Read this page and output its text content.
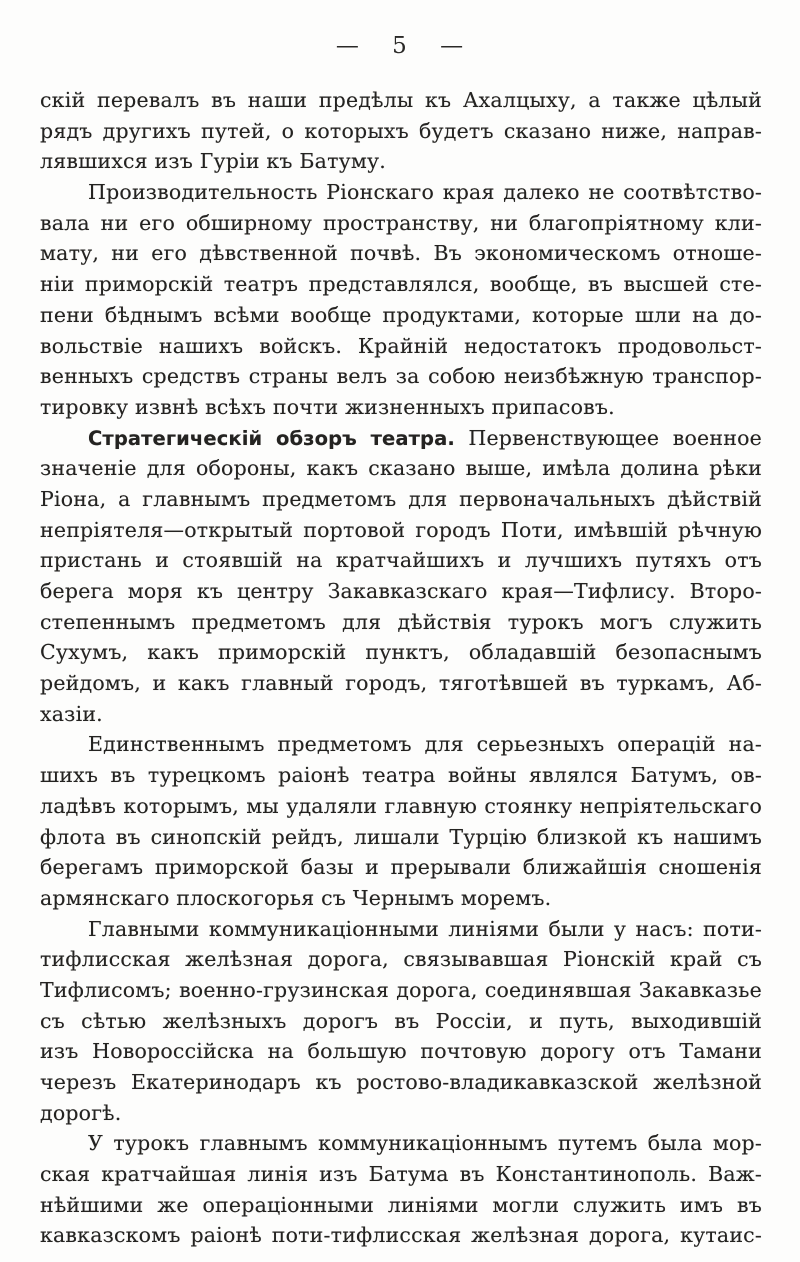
— 5 —
скій перевалъ въ наши предѣлы къ Ахалцыху, а также цѣлый
рядъ другихъ путей, о которыхъ будетъ сказано ниже, направ-
лявшихся изъ Гуріи къ Батуму.
Производительность Ріонскаго края далеко не соотвѣтство-
вала ни его обширному пространству, ни благопріятному кли-
мату, ни его дѣвственной почвѣ. Въ экономическомъ отноше-
ніи приморскій театръ представлялся, вообще, въ высшей сте-
пени бѣднымъ всѣми вообще продуктами, которые шли на до-
вольствіе нашихъ войскъ. Крайній недостатокъ продовольст-
венныхъ средствъ страны велъ за собою неизбѣжную транспор-
тировку извнѣ всѣхъ почти жизненныхъ припасовъ.
Стратегическій обзоръ театра. Первенствующее военное
значеніе для обороны, какъ сказано выше, имѣла долина рѣки
Ріона, а главнымъ предметомъ для первоначальныхъ дѣйствій
непріятеля—открытый портовой городъ Поти, имѣвшій рѣчную
пристань и стоявшій на кратчайшихъ и лучшихъ путяхъ отъ
берега моря къ центру Закавказскаго края—Тифлису. Второ-
степеннымъ предметомъ для дѣйствія турокъ могъ служить
Сухумъ, какъ приморскій пунктъ, обладавшій безопаснымъ
рейдомъ, и какъ главный городъ, тяготѣвшей въ туркамъ, Аб-
хазіи.
Единственнымъ предметомъ для серьезныхъ операцій на-
шихъ въ турецкомъ раіонѣ театра войны являлся Батумъ, ов-
ладѣвъ которымъ, мы удаляли главную стоянку непріятельскаго
флота въ синопскій рейдъ, лишали Турцію близкой къ нашимъ
берегамъ приморской базы и прерывали ближайшія сношенія
армянскаго плоскогорья съ Чернымъ моремъ.
Главными коммуникаціонными линіями были у насъ: поти-
тифлисская желѣзная дорога, связывавшая Ріонскій край съ
Тифлисомъ; военно-грузинская дорога, соединявшая Закавказье
съ сѣтью желѣзныхъ дорогъ въ Россіи, и путь, выходившій
изъ Новороссійска на большую почтовую дорогу отъ Тамани
черезъ Екатеринодаръ къ ростово-владикавказской желѣзной
дорогѣ.
У турокъ главнымъ коммуникаціоннымъ путемъ была мор-
ская кратчайшая линія изъ Батума въ Константинополь. Важ-
нѣйшими же операціонными линіями могли служить имъ въ
кавказскомъ раіонѣ поти-тифлисская желѣзная дорога, кутаис-
